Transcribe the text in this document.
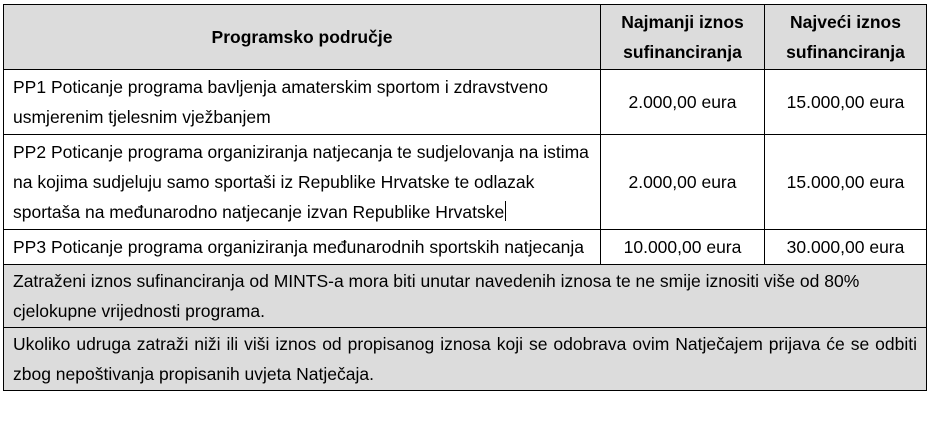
Programsko područje	Najmanji iznos sufinanciranja	Najveći iznos sufinanciranja
PP1 Poticanje programa bavljenja amaterskim sportom i zdravstveno usmjerenim tjelesnim vježbanjem	2.000,00 eura	15.000,00 eura
PP2 Poticanje programa organiziranja natjecanja te sudjelovanja na istima na kojima sudjeluju samo sportaši iz Republike Hrvatske te odlazak sportaša na međunarodno natjecanje izvan Republike Hrvatske	2.000,00 eura	15.000,00 eura
PP3 Poticanje programa organiziranja međunarodnih sportskih natjecanja	10.000,00 eura	30.000,00 eura
Zatraženi iznos sufinanciranja od MINTS-a mora biti unutar navedenih iznosa te ne smije iznositi više od 80% cjelokupne vrijednosti programa.		
Ukoliko udruga zatraži niži ili viši iznos od propisanog iznosa koji se odobrava ovim Natječajem prijava će se odbiti zbog nepoštivanja propisanih uvjeta Natječaja.		
